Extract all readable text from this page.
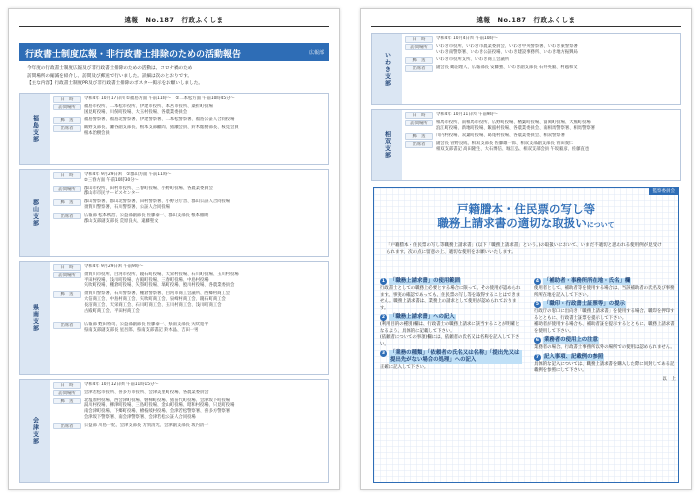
遠報　No.187　行政ふくしま
行政書士制度広報・非行政書士排除のための活動報告	広報部
今年度の行政書士制度広報及び非行政書士排除のための活動は、コロナ禍のため
訪問場所の縮減を紹介し、訪問及び郵送で行いました。詳細は次のとおりです。
【主な内容】行政書士制度PR及び非行政書士排除のポスター掲示をお願いしました。
福島支部
日　時	令和4年 10月17日㈪ ①福島方面 午前11時～　②二本松方面 午前10時45分～
訪問場所	福島市役所、二本松市役所、伊達市役所、本宮市役所、桑折町役場
国見町役場、川俣町役場、大玉村役場、各農業委員会
郵　送	福島警察署、福島北警察署、伊達警察署、二本松警察署、福島公証人合同役場
出席者	飯野支部長、瀬谷副支部長、根本支部顧問、猪瀬会員、鈴木総務部長、桜見会員
根本治樹会員
郡山支部
日　時	令和4年 9月29日㈭　①郡山方面 午前11時～
②三春方面 午前10時30分～
訪問場所	郡山市役所、田村市役所、三春町役場、小野町役場、各農業委員会
郡山市市民サービスセンター
郵　送	郡山警察署、郡山北警察署、田村警察署、小野分庁舎、郡山公証人合同役場
須賀川警察署、石川警察署、公証人合同役場
出席者	広報部 松本秋治、公益部副部長 佐藤泰一、郡山支部長 根本徹朗
郡山支部副支部長 荒原良夫、遠藤聖文
県南支部
日　時	令和4年 9月29日㈭ 午前9時～
訪問場所	須賀川市役所、白河市役所、鏡石町役場、天栄村役場、石川町役場、玉川村役場
平田村役場、浅川町役場、古殿町役場、三春町役場、中島村役場
矢吹町役場、棚倉町役場、矢祭町役場、塙町役場、鮫川村役場、各農業委員会
郵　送	須賀川警察署、石川警察署、棚倉警察署、白河市商工会議所、西郷村商工会
大信商工会、中島村商工会、矢吹町商工会、泉崎村商工会、鏡石町商工会
長沼商工会、天栄商工会、石川町商工会、玉川村商工会、浅川町商工会
古殿町商工会、平田村商工会
出席者	広報部 蛭田将司、公益部副部長 佐藤泰一、県南支部長 矢吹寛平
県南支部副支部長 星吾郎、県南支部書記 鈴木晶、吉田一男
会津支部
日　時	令和4年 10月12日㈬ 午前11時15分～
訪問場所	会津若松市役所、喜多方市役所、会津美里町役場、各農業委員会
郵　送	北塩原村役場、西会津町役場、磐梯町役場、猪苗代町役場、会津坂下町役場
湯川村役場、柳津町役場、三島町役場、金山町役場、昭和村役場、只見町役場
南会津町役場、下郷町役場、檜枝岐村役場、会津若松警察署、喜多方警察署
会津坂下警察署、南会津警察署、会津若松公証人合同役場
出席者	公益部 川島一紀、会津支部長 芳賀清光、会津副支部長 坂内清一
遠報　No.187　行政ふくしま
いわき支部
日　時	令和4年 10月4日㈫ 午前10時～
訪問場所	いわき市役所、いわき市農業委員会、いわき中央警察署、いわき東警察署
いわき南警察署、いわき公証役場、いわき建設事務所、いわき地方振興局
郵　送	いわき市役所支所、いわき商工会議所
出席者	副会長 鶴沼理人、広報部長 安藤強、いわき副支部長 石井英毅、村越和文
相双支部
日　時	令和4年 10月11日㈫ 午前9時～
訪問場所	相馬市役所、南相馬市役所、広野町役場、楢葉町役場、富岡町役場、大熊町役場
浪江町役場、新地町役場、飯舘村役場、各農業委員会、南相馬警察署、相馬警察署
郵　送	川内村役場、双葉町役場、葛尾村役場、各農業委員会、相双警察署
出席者	副会長 菅野良成、相双支部長 佐藤雄一郎、相双支部副支部長 青田義仁
相双支部書記 高田隆生、大石博信、堀江弘、相双支部会員 午坂毅彦、佐藤直也
監察委員会
戸籍謄本・住民票の写し等
職務上請求書の適切な取扱いについて
「戸籍謄本・住民票の写し等職務上請求書」(以下「職務上請求書」という。)の取扱いにおいて、いまだ不適切と思われる使用例が見受けられます。次の点に留意の上、適切な使用をお願いいたします。
1 「職務上請求書」の使用範囲
行政書士としての職務上必要とする場合に限って、その使用が認められます。事実の確認であっても、住民票の写し等を取得することはできません。職務上請求書は、業務上の請求として使用が認められております。
2 「職務上請求書」への記入
(利用目的の種別)欄は、行政書士の職務上請求に該当することが明確となるよう、具体的に記載して下さい。
(依頼者についての事項)欄には、依頼者の氏名又は名称を記入して下さい。
3 「業務の種類」「依頼者の氏名又は名称」「提出先又は提出先がない場合の処理」への記入
正確に記入して下さい。
4 「補助者・事務所所在地・氏名」欄
使用者として、補助者等を使用する場合は、当該補助者の氏名及び事務所所在地を記入して下さい。
5 「職印・行政書士証票等」の提示
行政庁の窓口に出向き「職務上請求書」を使用する場合、職印を押印するとともに、行政書士証票を提示して下さい。
補助者が使用する場合も、補助者証を提示するとともに、職務上請求書を使用して下さい。
6 業務者の使用上の注意
業務者の場合、行政書士事務所以外の場所での使用は認められません。
7 記入事項、記載例の参照
具体的な記入については、職務上請求書を購入した際に同封してある記載例を参照にして下さい。
以　上
